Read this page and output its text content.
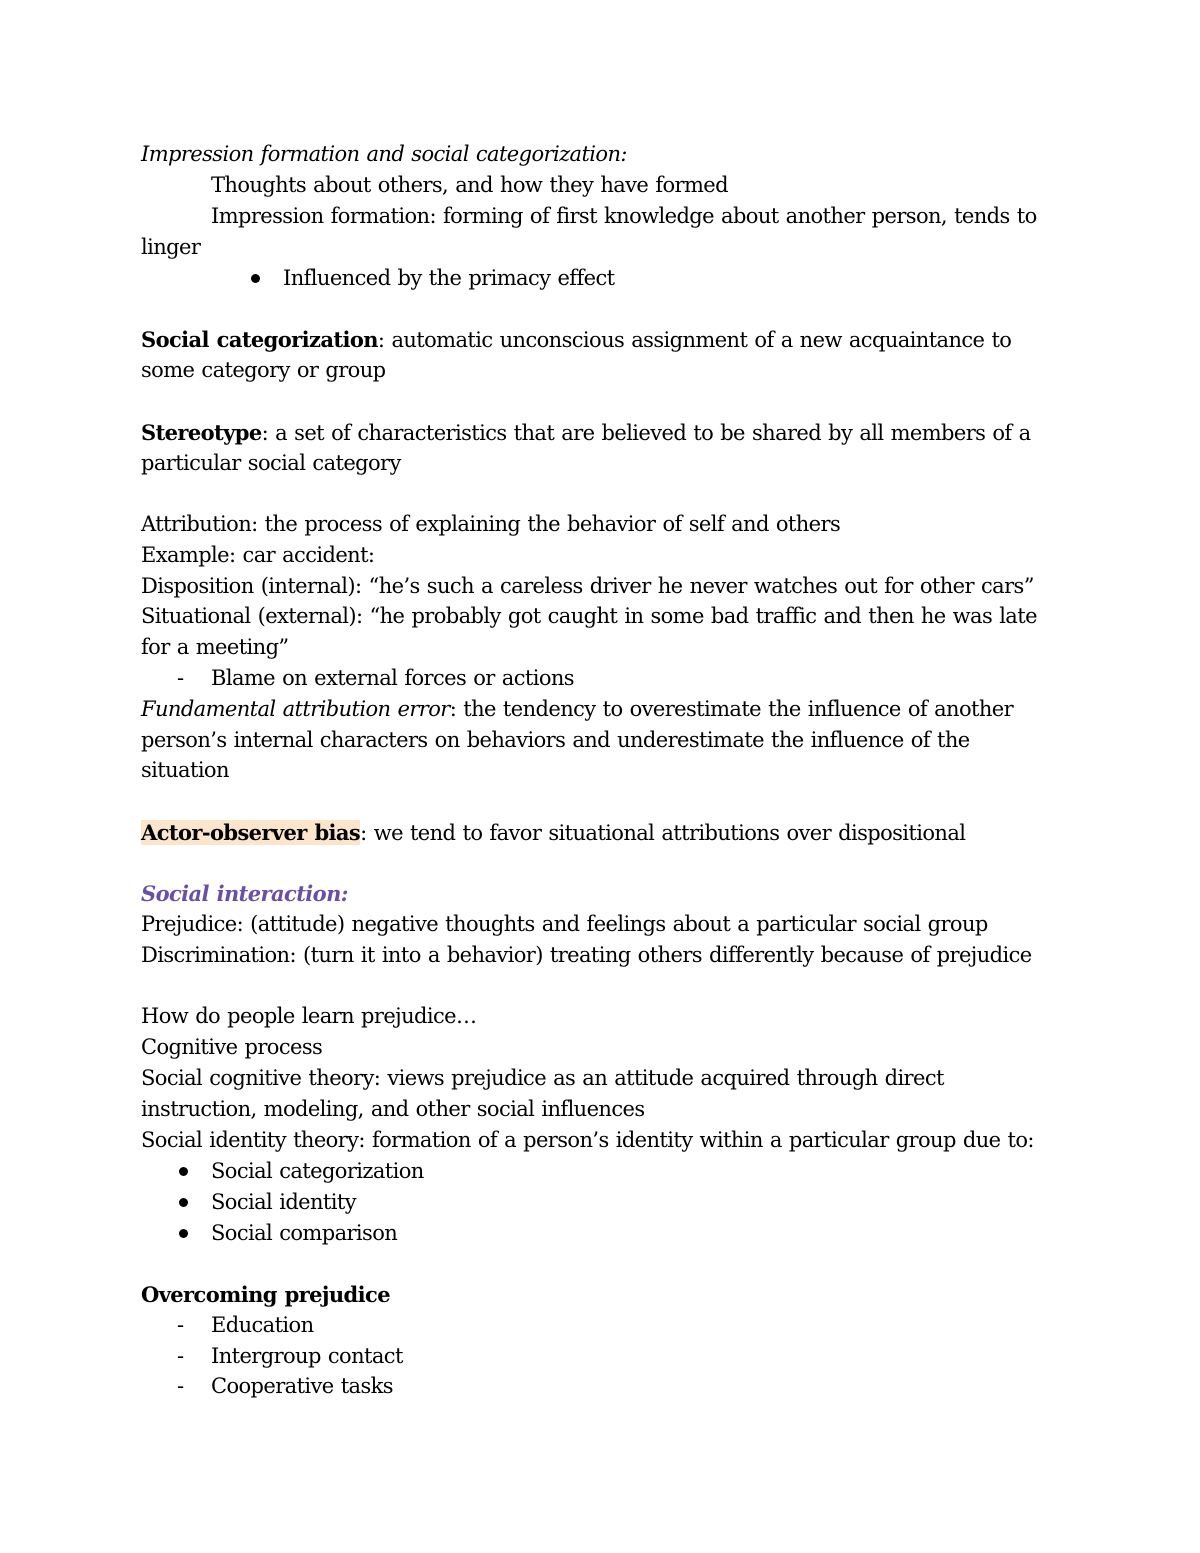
Impression formation and social categorization:
Thoughts about others, and how they have formed
Impression formation: forming of first knowledge about another person, tends to
linger
Influenced by the primacy effect
Social categorization: automatic unconscious assignment of a new acquaintance to
some category or group
Stereotype: a set of characteristics that are believed to be shared by all members of a
particular social category
Attribution: the process of explaining the behavior of self and others
Example: car accident:
Disposition (internal): “he’s such a careless driver he never watches out for other cars”
Situational (external): “he probably got caught in some bad traffic and then he was late
for a meeting”
- Blame on external forces or actions
Fundamental attribution error: the tendency to overestimate the influence of another
person’s internal characters on behaviors and underestimate the influence of the
situation
Actor-observer bias: we tend to favor situational attributions over dispositional
Social interaction:
Prejudice: (attitude) negative thoughts and feelings about a particular social group
Discrimination: (turn it into a behavior) treating others differently because of prejudice
How do people learn prejudice…
Cognitive process
Social cognitive theory: views prejudice as an attitude acquired through direct
instruction, modeling, and other social influences
Social identity theory: formation of a person’s identity within a particular group due to:
Social categorization
Social identity
Social comparison
Overcoming prejudice
- Education
- Intergroup contact
- Cooperative tasks
